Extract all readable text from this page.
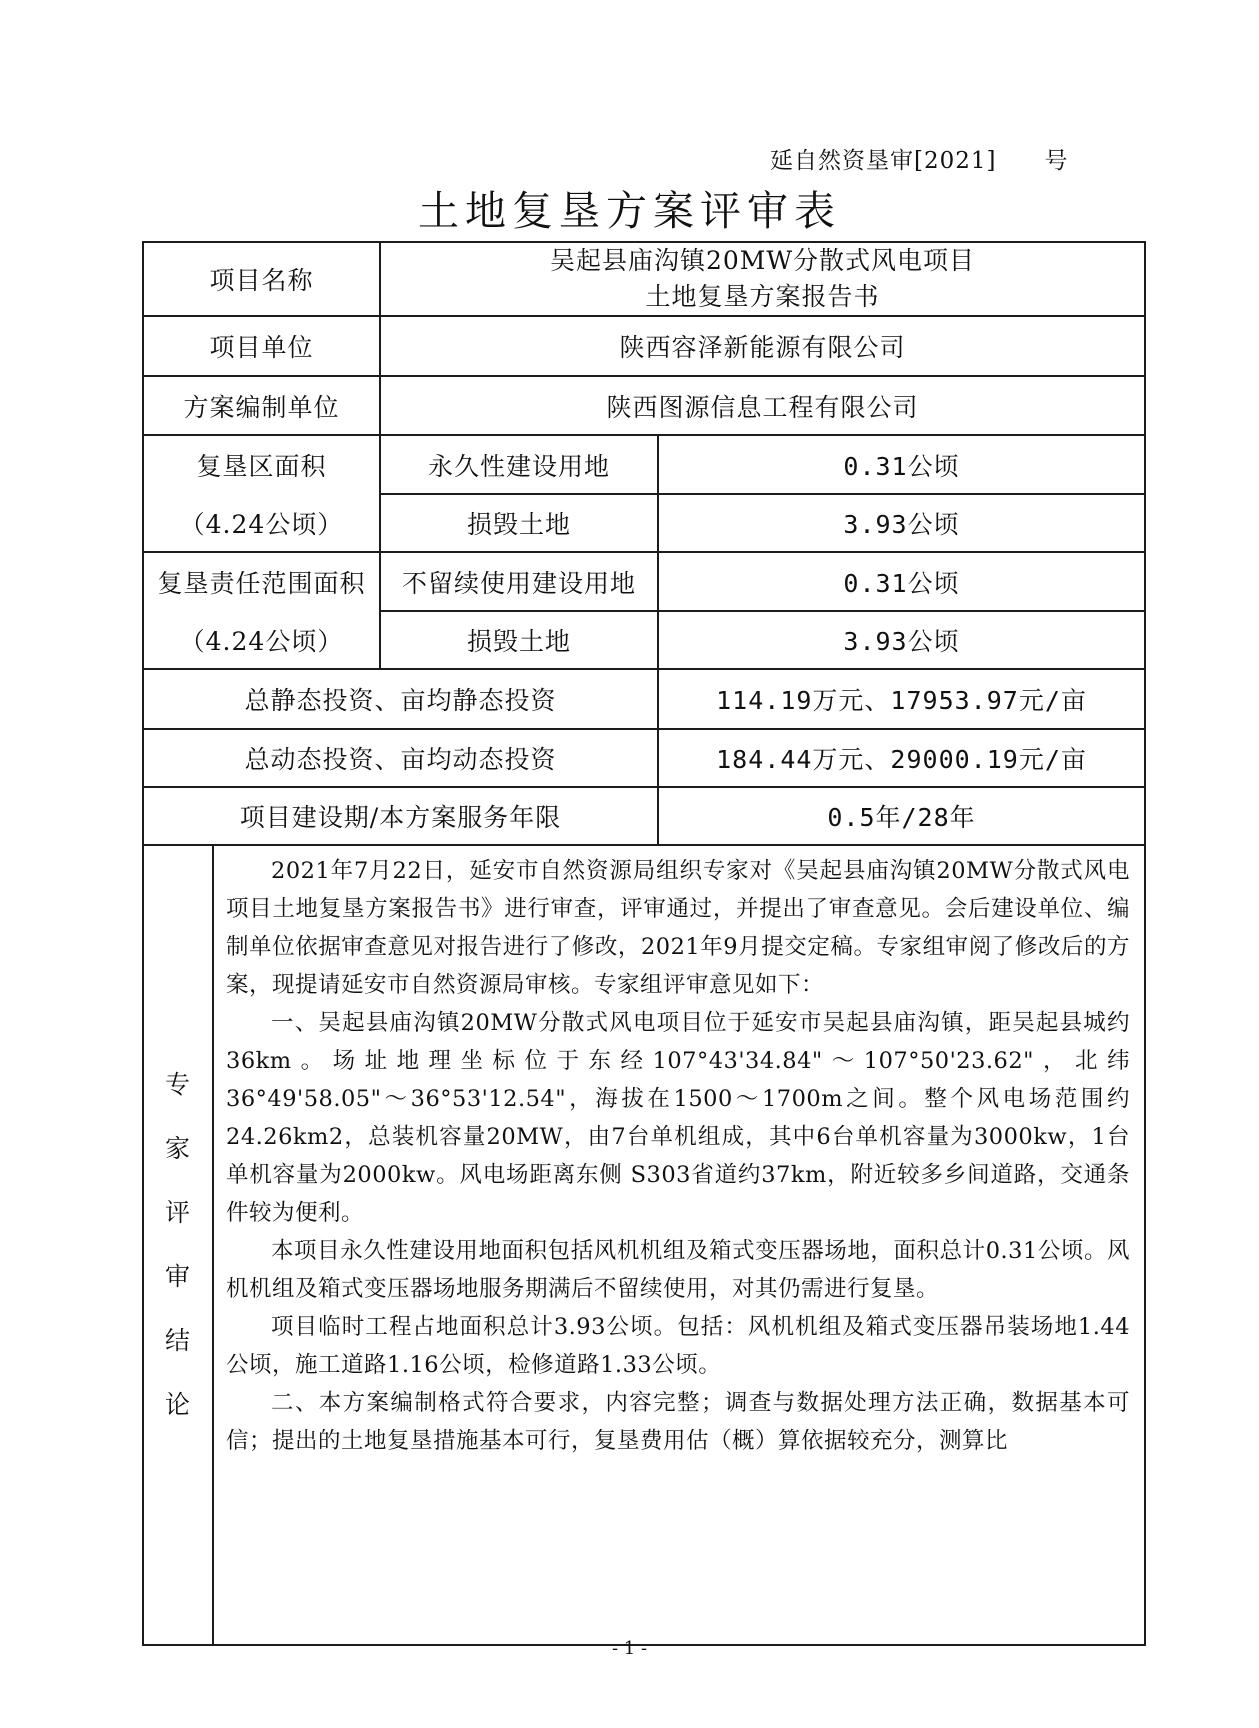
延自然资垦审[2021]　　号
土地复垦方案评审表
项目名称	
吴起县庙沟镇20MW分散式风电项目
土地复垦方案报告书

项目单位	陕西容泽新能源有限公司
方案编制单位	陕西图源信息工程有限公司
复垦区面积	永久性建设用地	0.31公顷
（4.24公顷）	损毁土地	3.93公顷
复垦责任范围面积	不留续使用建设用地	0.31公顷
（4.24公顷）	损毁土地	3.93公顷
总静态投资、亩均静态投资	114.19万元、17953.97元/亩
总动态投资、亩均动态投资	184.44万元、29000.19元/亩
项目建设期/本方案服务年限	0.5年/28年

专
家
评
审
结
论

2021年7月22日，延安市自然资源局组织专家对《吴起县庙沟镇20MW分散式风电项目土地复垦方案报告书》进行审查，评审通过，并提出了审查意见。会后建设单位、编制单位依据审查意见对报告进行了修改，2021年9月提交定稿。专家组审阅了修改后的方案，现提请延安市自然资源局审核。专家组评审意见如下：

一、吴起县庙沟镇20MW分散式风电项目位于延安市吴起县庙沟镇，距吴起县城约36km。场址地理坐标位于东经107°43'34.84"～107°50'23.62"，北纬36°49'58.05"～36°53'12.54"，海拔在1500～1700m之间。整个风电场范围约24.26km2，总装机容量20MW，由7台单机组成，其中6台单机容量为3000kw，1台单机容量为2000kw。风电场距离东侧 S303省道约37km，附近较多乡间道路，交通条件较为便利。

本项目永久性建设用地面积包括风机机组及箱式变压器场地，面积总计0.31公顷。风机机组及箱式变压器场地服务期满后不留续使用，对其仍需进行复垦。

项目临时工程占地面积总计3.93公顷。包括：风机机组及箱式变压器吊装场地1.44公顷，施工道路1.16公顷，检修道路1.33公顷。

二、本方案编制格式符合要求，内容完整；调查与数据处理方法正确，数据基本可信；提出的土地复垦措施基本可行，复垦费用估（概）算依据较充分，测算比

- 1 -
